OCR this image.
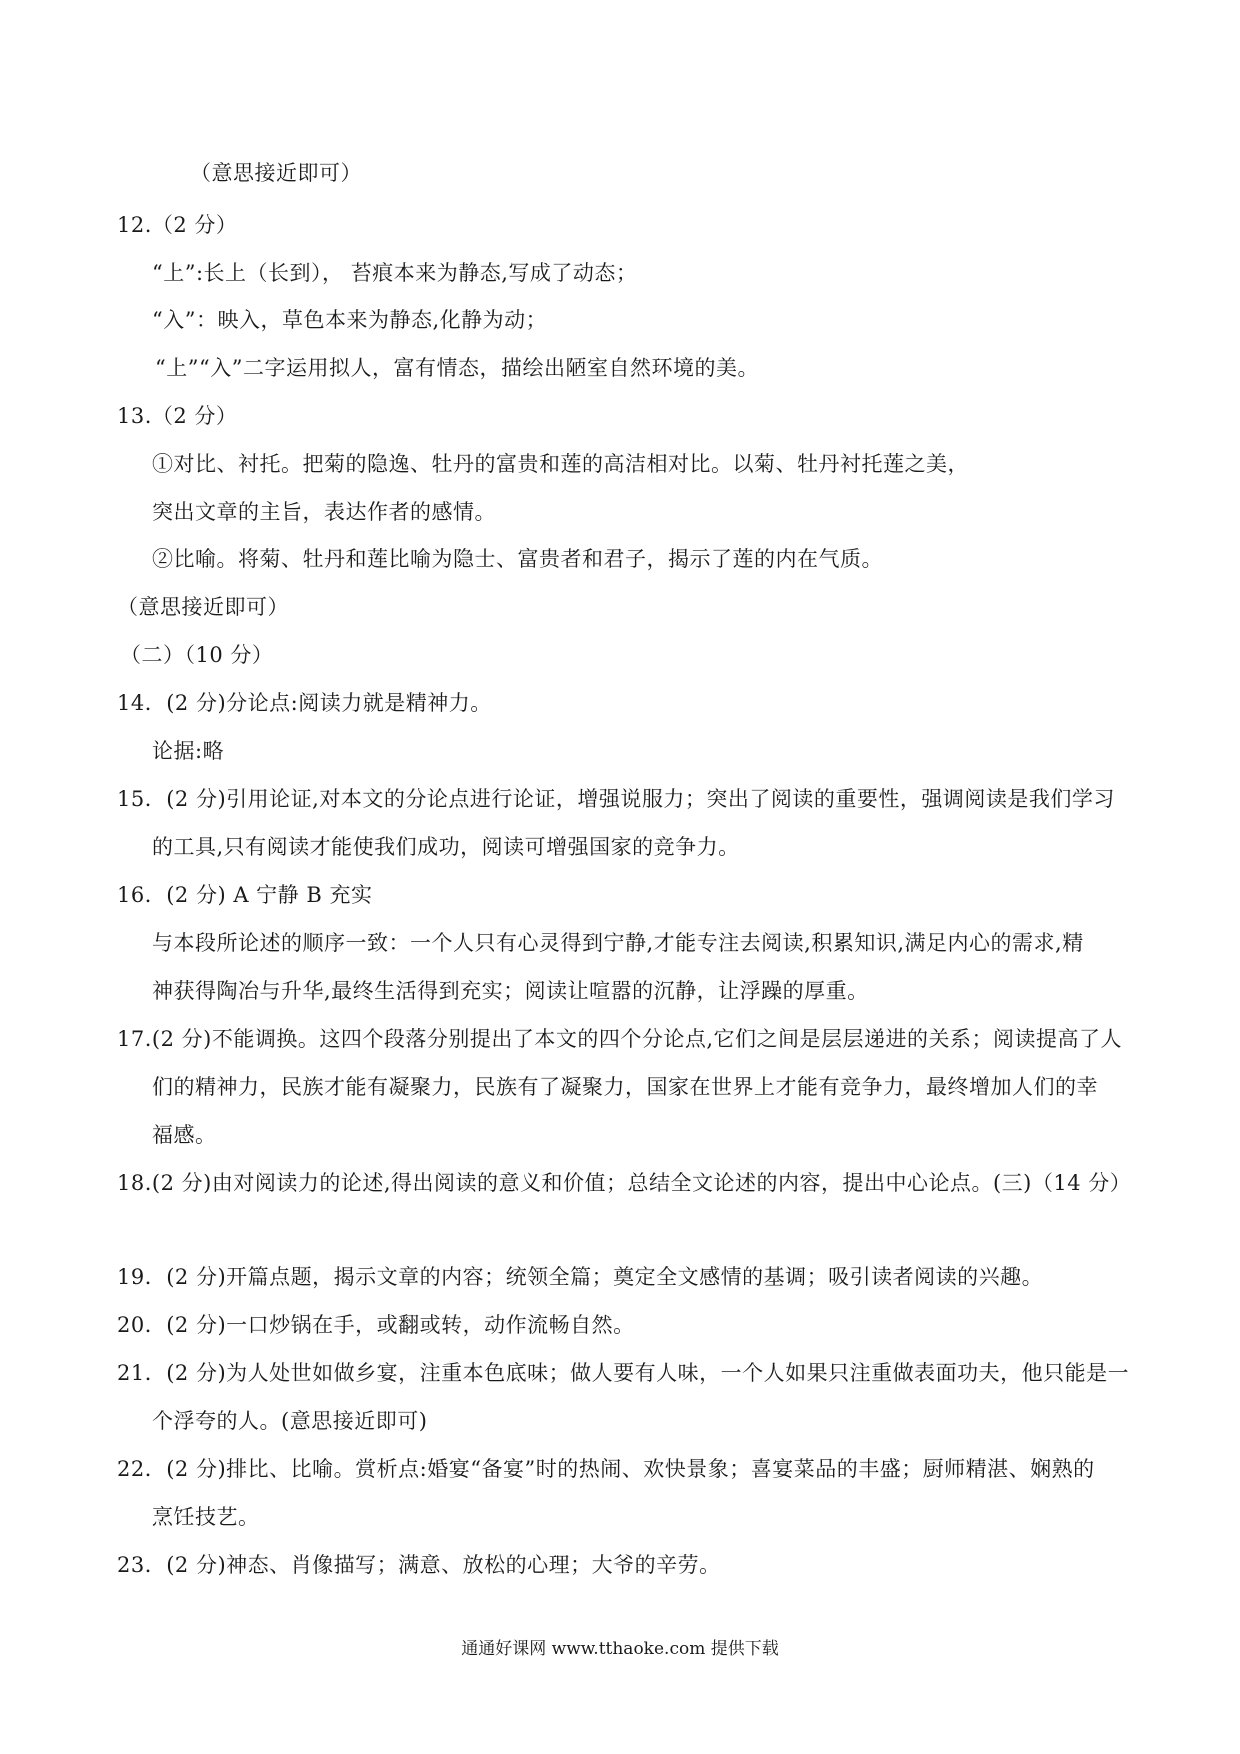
（意思接近即可）
12.（2 分）
“上”:长上（长到）， 苔痕本来为静态,写成了动态；
“入”：映入，草色本来为静态,化静为动；
“上”“入”二字运用拟人，富有情态，描绘出陋室自然环境的美。
13.（2 分）
①对比、衬托。把菊的隐逸、牡丹的富贵和莲的高洁相对比。以菊、牡丹衬托莲之美，
突出文章的主旨，表达作者的感情。
②比喻。将菊、牡丹和莲比喻为隐士、富贵者和君子，揭示了莲的内在气质。
（意思接近即可）
（二）（10 分）
14．(2 分)分论点:阅读力就是精神力。
论据:略
15．(2 分)引用论证,对本文的分论点进行论证，增强说服力；突出了阅读的重要性，强调阅读是我们学习
的工具,只有阅读才能使我们成功，阅读可增强国家的竞争力。
16．(2 分) A 宁静 B 充实
与本段所论述的顺序一致：一个人只有心灵得到宁静,才能专注去阅读,积累知识,满足内心的需求,精
神获得陶冶与升华,最终生活得到充实；阅读让喧嚣的沉静，让浮躁的厚重。
17.(2 分)不能调换。这四个段落分别提出了本文的四个分论点,它们之间是层层递进的关系；阅读提高了人
们的精神力，民族才能有凝聚力，民族有了凝聚力，国家在世界上才能有竞争力，最终增加人们的幸
福感。
18.(2 分)由对阅读力的论述,得出阅读的意义和价值；总结全文论述的内容，提出中心论点。(三)（14 分）
19．(2 分)开篇点题，揭示文章的内容；统领全篇；奠定全文感情的基调；吸引读者阅读的兴趣。
20．(2 分)一口炒锅在手，或翻或转，动作流畅自然。
21．(2 分)为人处世如做乡宴，注重本色底味；做人要有人味，一个人如果只注重做表面功夫，他只能是一
个浮夸的人。(意思接近即可)
22．(2 分)排比、比喻。赏析点:婚宴“备宴”时的热闹、欢快景象；喜宴菜品的丰盛；厨师精湛、娴熟的
烹饪技艺。
23．(2 分)神态、肖像描写；满意、放松的心理；大爷的辛劳。
通通好课网 www.tthaoke.com 提供下载
